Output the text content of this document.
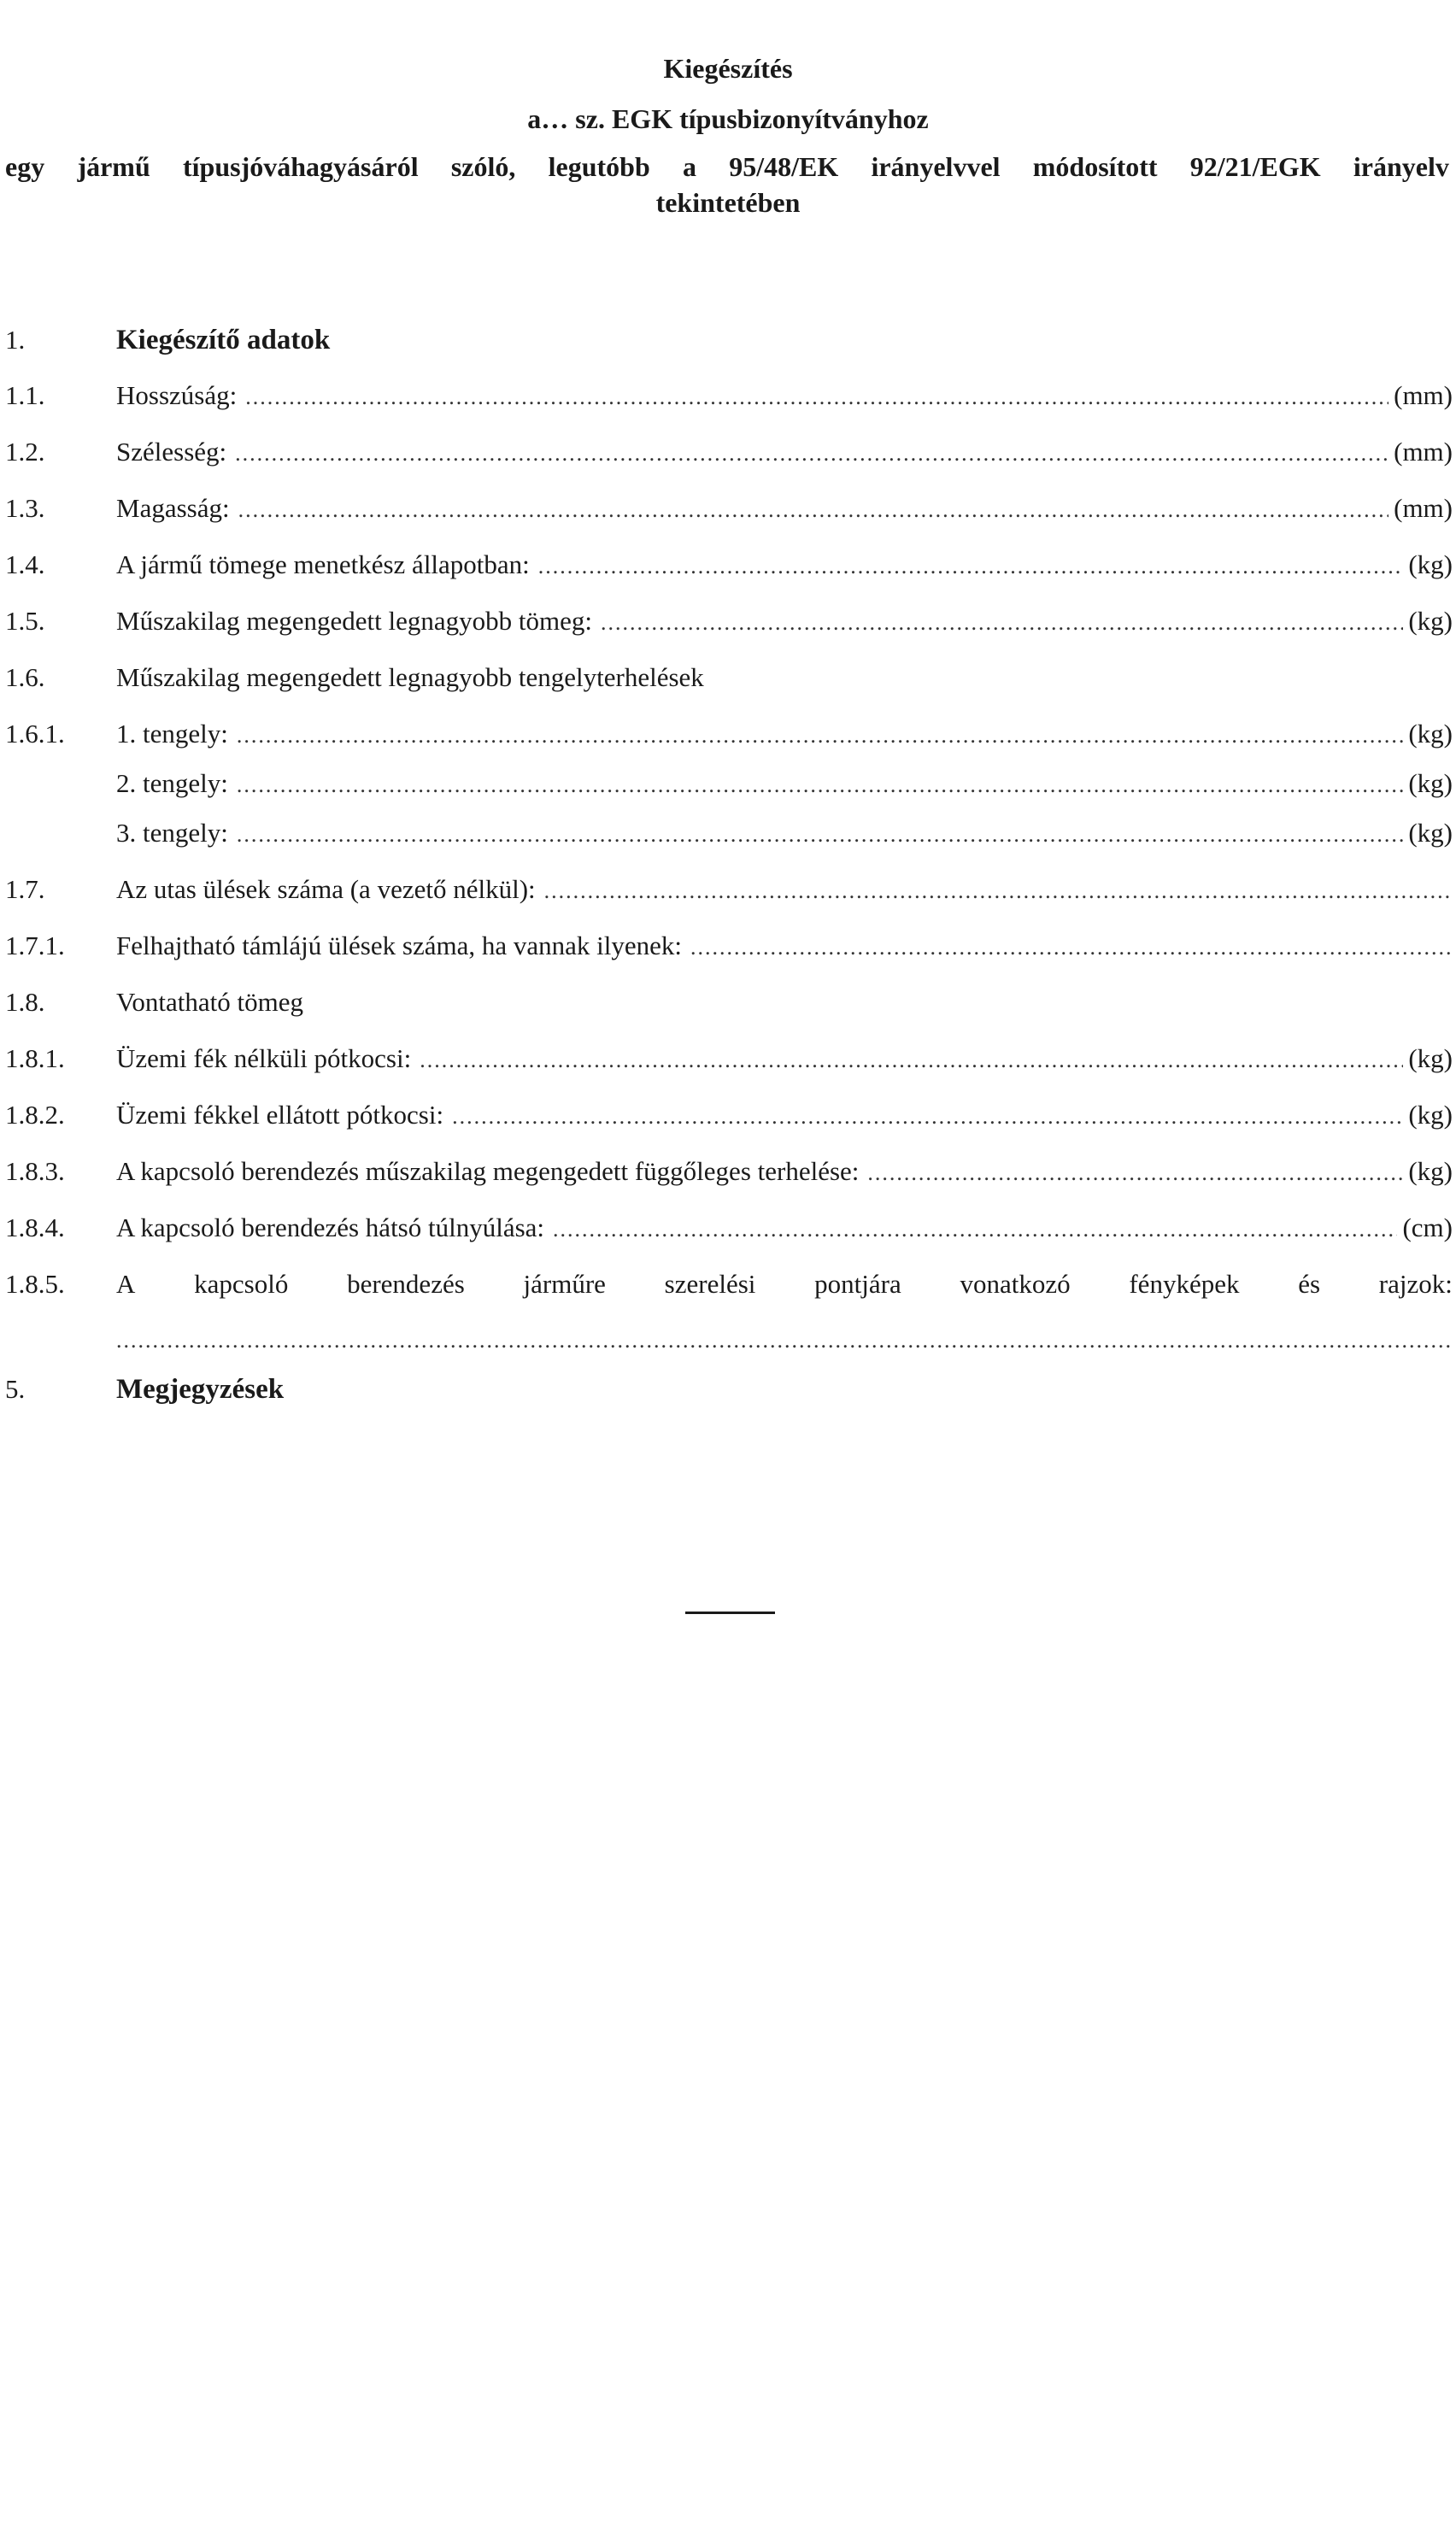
Kiegészítés
a… sz. EGK típusbizonyítványhoz
egy jármű típusjóváhagyásáról szóló, legutóbb a 95/48/EK irányelvvel módosított 92/21/EGK irányelv
tekintetében
1.	Kiegészítő adatok
1.1.	Hosszúság: .....	(mm)
1.2.	Szélesség: .....	(mm)
1.3.	Magasság: .....	(mm)
1.4.	A jármű tömege menetkész állapotban: .....	(kg)
1.5.	Műszakilag megengedett legnagyobb tömeg: .....	(kg)
1.6.	Műszakilag megengedett legnagyobb tengelyterhelések
1.6.1. 1. tengely: .....	(kg)
2. tengely: .....	(kg)
3. tengely: .....	(kg)
1.7.	Az utas ülések száma (a vezető nélkül):
.....
1.7.1. Felhajtható támlájú ülések száma, ha vannak ilyenek:
.....
1.8.	Vontatható tömeg
1.8.1. Üzemi fék nélküli pótkocsi: .....	(kg)
1.8.2. Üzemi fékkel ellátott pótkocsi: .....	(kg)
1.8.3. A kapcsoló berendezés műszakilag megengedett függőleges terhelése: .....	(kg)
1.8.4. A kapcsoló berendezés hátsó túlnyúlása: .....	(cm)
1.8.5. A kapcsoló berendezés járműre szerelési pontjára vonatkozó fényképek és rajzok:
.....
5.	Megjegyzések
